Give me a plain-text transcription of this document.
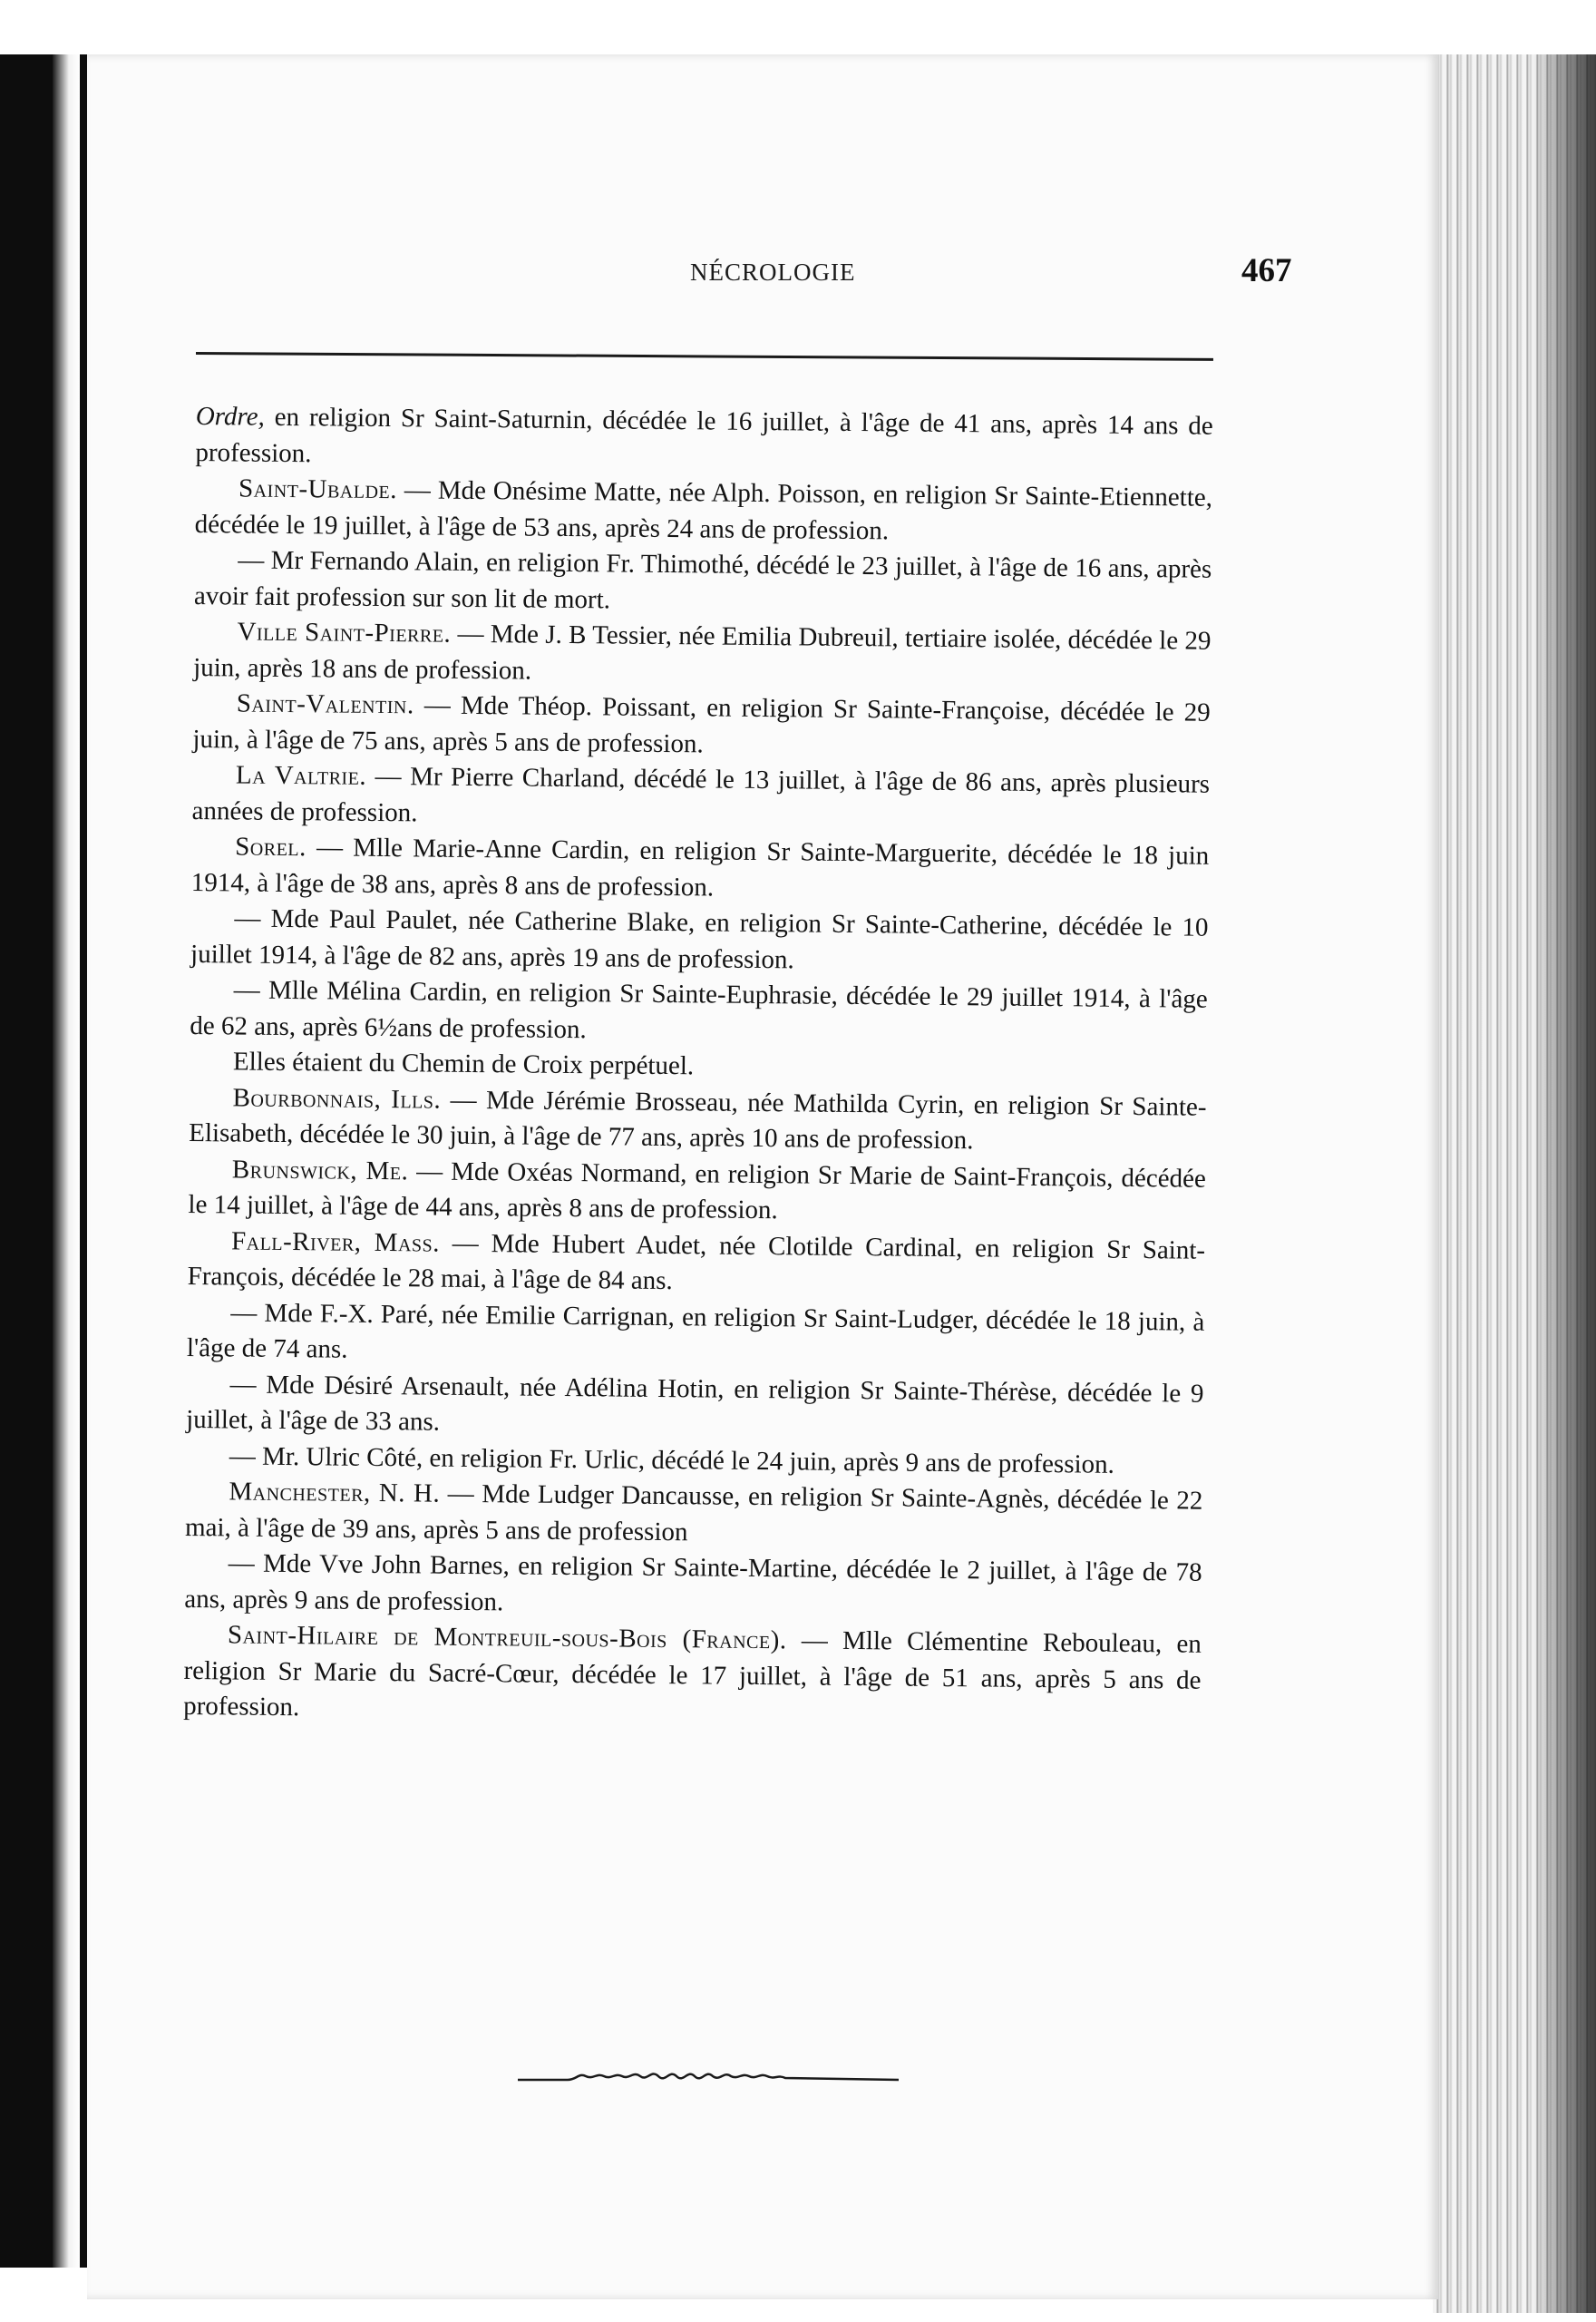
NÉCROLOGIE	467

Ordre, en religion Sr Saint-Saturnin, décédée le 16 juillet, à l'âge de 41 ans, après 14 ans de profession.

Saint-Ubalde. — Mde Onésime Matte, née Alph. Poisson, en religion Sr Sainte-Etiennette, décédée le 19 juillet, à l'âge de 53 ans, après 24 ans de profession.

— Mr Fernando Alain, en religion Fr. Thimothé, décédé le 23 juillet, à l'âge de 16 ans, après avoir fait profession sur son lit de mort.

Ville Saint-Pierre. — Mde J. B Tessier, née Emilia Dubreuil, tertiaire isolée, décédée le 29 juin, après 18 ans de profession.

Saint-Valentin. — Mde Théop. Poissant, en religion Sr Sainte-Françoise, décédée le 29 juin, à l'âge de 75 ans, après 5 ans de profession.

La Valtrie. — Mr Pierre Charland, décédé le 13 juillet, à l'âge de 86 ans, après plusieurs années de profession.

Sorel. — Mlle Marie-Anne Cardin, en religion Sr Sainte-Marguerite, décédée le 18 juin 1914, à l'âge de 38 ans, après 8 ans de profession.

— Mde Paul Paulet, née Catherine Blake, en religion Sr Sainte-Catherine, décédée le 10 juillet 1914, à l'âge de 82 ans, après 19 ans de profession.

— Mlle Mélina Cardin, en religion Sr Sainte-Euphrasie, décédée le 29 juillet 1914, à l'âge de 62 ans, après 6½ans de profession.

Elles étaient du Chemin de Croix perpétuel.

Bourbonnais, Ills. — Mde Jérémie Brosseau, née Mathilda Cyrin, en religion Sr Sainte-Elisabeth, décédée le 30 juin, à l'âge de 77 ans, après 10 ans de profession.

Brunswick, Me. — Mde Oxéas Normand, en religion Sr Marie de Saint-François, décédée le 14 juillet, à l'âge de 44 ans, après 8 ans de profession.

Fall-River, Mass. — Mde Hubert Audet, née Clotilde Cardinal, en religion Sr Saint-François, décédée le 28 mai, à l'âge de 84 ans.

— Mde F.-X. Paré, née Emilie Carrignan, en religion Sr Saint-Ludger, décédée le 18 juin, à l'âge de 74 ans.

— Mde Désiré Arsenault, née Adélina Hotin, en religion Sr Sainte-Thérèse, décédée le 9 juillet, à l'âge de 33 ans.

— Mr. Ulric Côté, en religion Fr. Urlic, décédé le 24 juin, après 9 ans de profession.

Manchester, N. H. — Mde Ludger Dancausse, en religion Sr Sainte-Agnès, décédée le 22 mai, à l'âge de 39 ans, après 5 ans de profession

— Mde Vve John Barnes, en religion Sr Sainte-Martine, décédée le 2 juillet, à l'âge de 78 ans, après 9 ans de profession.

Saint-Hilaire de Montreuil-sous-Bois (France). — Mlle Clémentine Rebouleau, en religion Sr Marie du Sacré-Cœur, décédée le 17 juillet, à l'âge de 51 ans, après 5 ans de profession.
